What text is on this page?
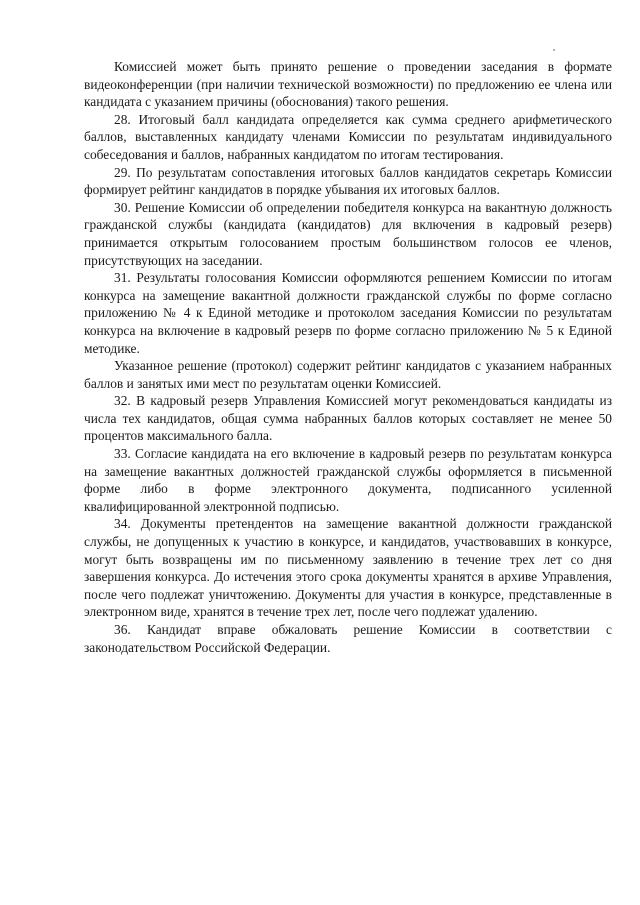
Комиссией может быть принято решение о проведении заседания в формате видеоконференции (при наличии технической возможности) по предложению ее члена или кандидата с указанием причины (обоснования) такого решения.

28. Итоговый балл кандидата определяется как сумма среднего арифметического баллов, выставленных кандидату членами Комиссии по результатам индивидуального собеседования и баллов, набранных кандидатом по итогам тестирования.

29. По результатам сопоставления итоговых баллов кандидатов секретарь Комиссии формирует рейтинг кандидатов в порядке убывания их итоговых баллов.

30. Решение Комиссии об определении победителя конкурса на вакантную должность гражданской службы (кандидата (кандидатов) для включения в кадровый резерв) принимается открытым голосованием простым большинством голосов ее членов, присутствующих на заседании.

31. Результаты голосования Комиссии оформляются решением Комиссии по итогам конкурса на замещение вакантной должности гражданской службы по форме согласно приложению № 4 к Единой методике и протоколом заседания Комиссии по результатам конкурса на включение в кадровый резерв по форме согласно приложению № 5 к Единой методике.

Указанное решение (протокол) содержит рейтинг кандидатов с указанием набранных баллов и занятых ими мест по результатам оценки Комиссией.

32. В кадровый резерв Управления Комиссией могут рекомендоваться кандидаты из числа тех кандидатов, общая сумма набранных баллов которых составляет не менее 50 процентов максимального балла.

33. Согласие кандидата на его включение в кадровый резерв по результатам конкурса на замещение вакантных должностей гражданской службы оформляется в письменной форме либо в форме электронного документа, подписанного усиленной квалифицированной электронной подписью.

34. Документы претендентов на замещение вакантной должности гражданской службы, не допущенных к участию в конкурсе, и кандидатов, участвовавших в конкурсе, могут быть возвращены им по письменному заявлению в течение трех лет со дня завершения конкурса. До истечения этого срока документы хранятся в архиве Управления, после чего подлежат уничтожению. Документы для участия в конкурсе, представленные в электронном виде, хранятся в течение трех лет, после чего подлежат удалению.

36. Кандидат вправе обжаловать решение Комиссии в соответствии с законодательством Российской Федерации.
